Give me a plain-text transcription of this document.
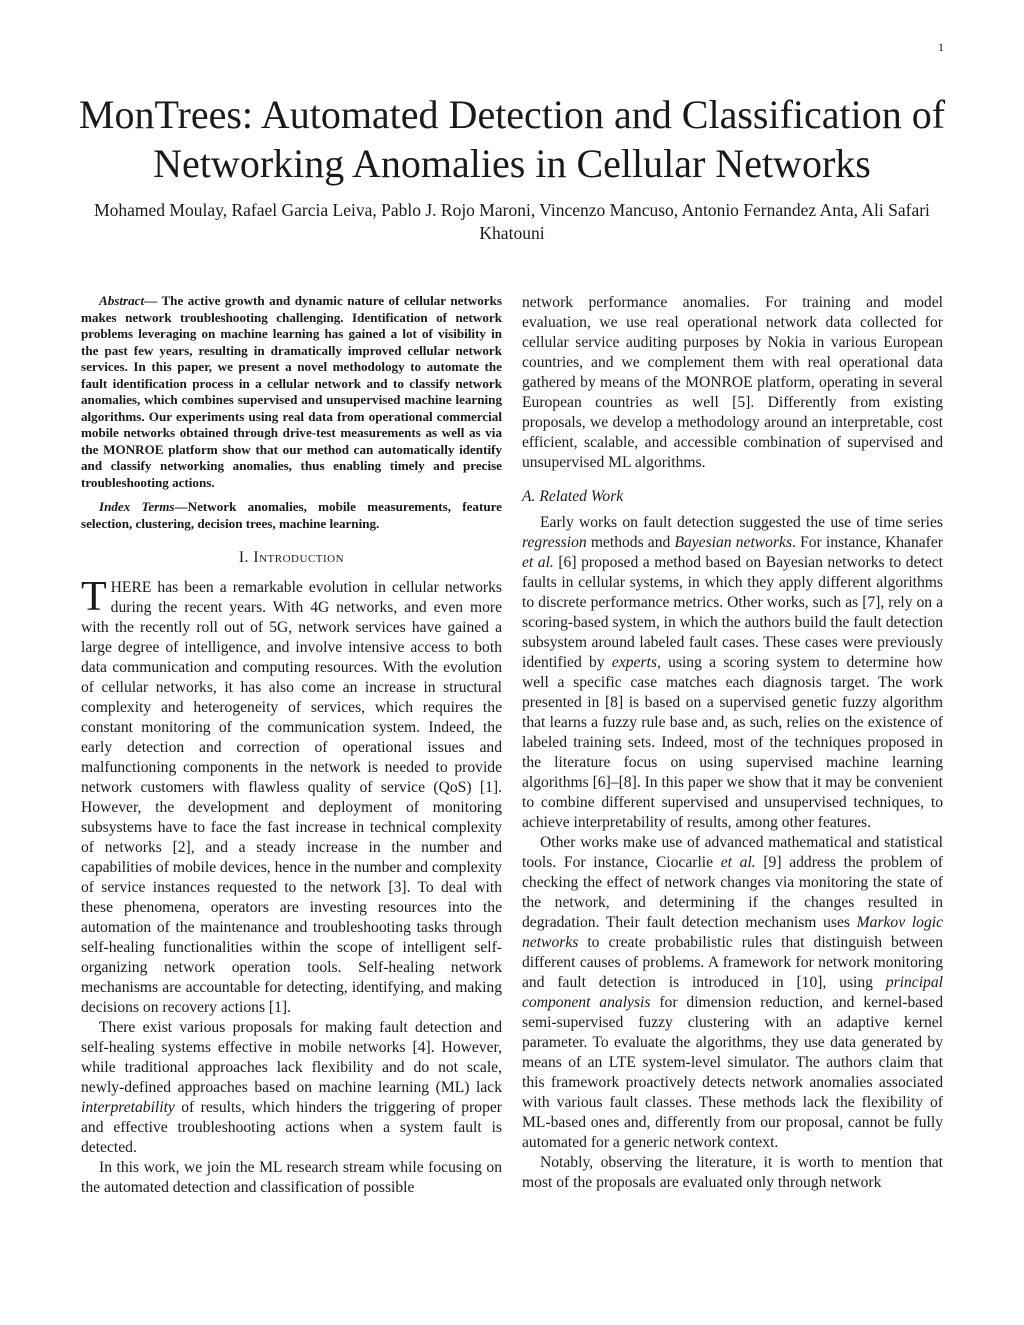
1
MonTrees: Automated Detection and Classification of Networking Anomalies in Cellular Networks
Mohamed Moulay, Rafael Garcia Leiva, Pablo J. Rojo Maroni, Vincenzo Mancuso, Antonio Fernandez Anta, Ali Safari Khatouni

Abstract— The active growth and dynamic nature of cellular networks makes network troubleshooting challenging. Identification of network problems leveraging on machine learning has gained a lot of visibility in the past few years, resulting in dramatically improved cellular network services. In this paper, we present a novel methodology to automate the fault identification process in a cellular network and to classify network anomalies, which combines supervised and unsupervised machine learning algorithms. Our experiments using real data from operational commercial mobile networks obtained through drive-test measurements as well as via the MONROE platform show that our method can automatically identify and classify networking anomalies, thus enabling timely and precise troubleshooting actions.

Index Terms—Network anomalies, mobile measurements, feature selection, clustering, decision trees, machine learning.

I. Introduction

THERE has been a remarkable evolution in cellular networks during the recent years. With 4G networks, and even more with the recently roll out of 5G, network services have gained a large degree of intelligence, and involve intensive access to both data communication and computing resources. With the evolution of cellular networks, it has also come an increase in structural complexity and heterogeneity of services, which requires the constant monitoring of the communication system. Indeed, the early detection and correction of operational issues and malfunctioning components in the network is needed to provide network customers with flawless quality of service (QoS) [1]. However, the development and deployment of monitoring subsystems have to face the fast increase in technical complexity of networks [2], and a steady increase in the number and capabilities of mobile devices, hence in the number and complexity of service instances requested to the network [3]. To deal with these phenomena, operators are investing resources into the automation of the maintenance and troubleshooting tasks through self-healing functionalities within the scope of intelligent self-organizing network operation tools. Self-healing network mechanisms are accountable for detecting, identifying, and making decisions on recovery actions [1].

There exist various proposals for making fault detection and self-healing systems effective in mobile networks [4]. However, while traditional approaches lack flexibility and do not scale, newly-defined approaches based on machine learning (ML) lack interpretability of results, which hinders the triggering of proper and effective troubleshooting actions when a system fault is detected.

In this work, we join the ML research stream while focusing on the automated detection and classification of possible

network performance anomalies. For training and model evaluation, we use real operational network data collected for cellular service auditing purposes by Nokia in various European countries, and we complement them with real operational data gathered by means of the MONROE platform, operating in several European countries as well [5]. Differently from existing proposals, we develop a methodology around an interpretable, cost efficient, scalable, and accessible combination of supervised and unsupervised ML algorithms.

A. Related Work

Early works on fault detection suggested the use of time series regression methods and Bayesian networks. For instance, Khanafer et al. [6] proposed a method based on Bayesian networks to detect faults in cellular systems, in which they apply different algorithms to discrete performance metrics. Other works, such as [7], rely on a scoring-based system, in which the authors build the fault detection subsystem around labeled fault cases. These cases were previously identified by experts, using a scoring system to determine how well a specific case matches each diagnosis target. The work presented in [8] is based on a supervised genetic fuzzy algorithm that learns a fuzzy rule base and, as such, relies on the existence of labeled training sets. Indeed, most of the techniques proposed in the literature focus on using supervised machine learning algorithms [6]–[8]. In this paper we show that it may be convenient to combine different supervised and unsupervised techniques, to achieve interpretability of results, among other features.

Other works make use of advanced mathematical and statistical tools. For instance, Ciocarlie et al. [9] address the problem of checking the effect of network changes via monitoring the state of the network, and determining if the changes resulted in degradation. Their fault detection mechanism uses Markov logic networks to create probabilistic rules that distinguish between different causes of problems. A framework for network monitoring and fault detection is introduced in [10], using principal component analysis for dimension reduction, and kernel-based semi-supervised fuzzy clustering with an adaptive kernel parameter. To evaluate the algorithms, they use data generated by means of an LTE system-level simulator. The authors claim that this framework proactively detects network anomalies associated with various fault classes. These methods lack the flexibility of ML-based ones and, differently from our proposal, cannot be fully automated for a generic network context.

Notably, observing the literature, it is worth to mention that most of the proposals are evaluated only through network
